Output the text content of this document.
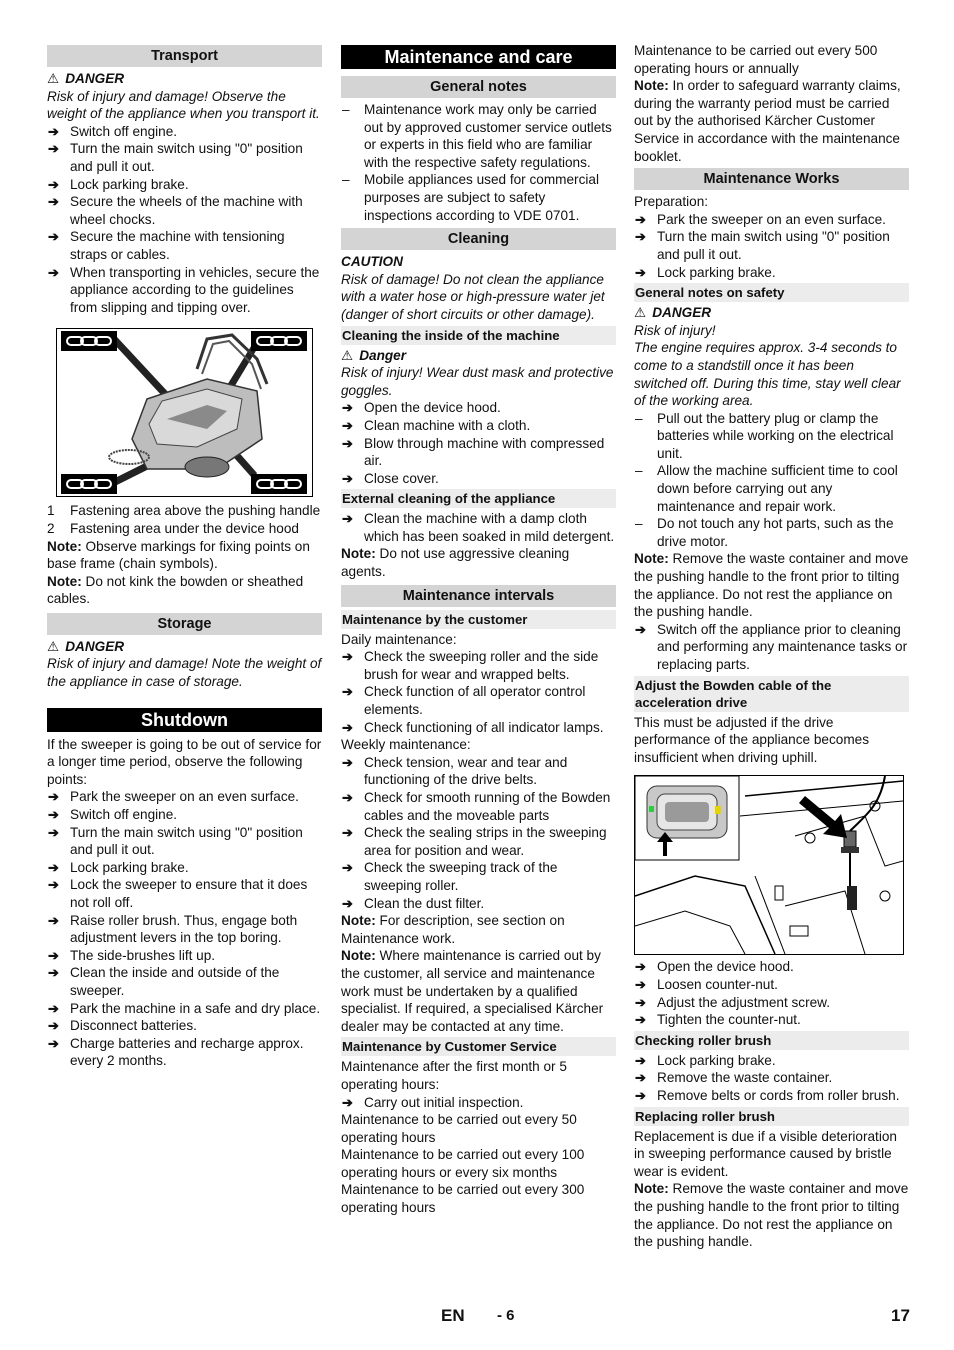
Transport

⚠ DANGER

Risk of injury and damage! Observe the weight of the appliance when you transport it.

➔ Switch off engine.
➔ Turn the main switch using "0" position and pull it out.
➔ Lock parking brake.
➔ Secure the wheels of the machine with wheel chocks.
➔ Secure the machine with tensioning straps or cables.
➔ When transporting in vehicles, secure the appliance according to the guidelines from slipping and tipping over.
1 Fastening area above the pushing handle
2 Fastening area under the device hood

Note: Observe markings for fixing points on base frame (chain symbols).

Note: Do not kink the bowden or sheathed cables.

Storage

⚠ DANGER

Risk of injury and damage! Note the weight of the appliance in case of storage.

Shutdown

If the sweeper is going to be out of service for a longer time period, observe the following points:

➔ Park the sweeper on an even surface.
➔ Switch off engine.
➔ Turn the main switch using "0" position and pull it out.
➔ Lock parking brake.
➔ Lock the sweeper to ensure that it does not roll off.
➔ Raise roller brush. Thus, engage both adjustment levers in the top boring.
➔ The side-brushes lift up.
➔ Clean the inside and outside of the sweeper.
➔ Park the machine in a safe and dry place.
➔ Disconnect batteries.
➔ Charge batteries and recharge approx. every 2 months.
Maintenance and care
General notes
– Maintenance work may only be carried out by approved customer service outlets or experts in this field who are familiar with the respective safety regulations.
– Mobile appliances used for commercial purposes are subject to safety inspections according to VDE 0701.
Cleaning

CAUTION

Risk of damage! Do not clean the appliance with a water hose or high-pressure water jet (danger of short circuits or other damage).

Cleaning the inside of the machine

⚠ Danger

Risk of injury! Wear dust mask and protective goggles.

➔ Open the device hood.
➔ Clean machine with a cloth.
➔ Blow through machine with compressed air.
➔ Close cover.
External cleaning of the appliance
➔ Clean the machine with a damp cloth which has been soaked in mild detergent.

Note: Do not use aggressive cleaning agents.

Maintenance intervals
Maintenance by the customer

Daily maintenance:

➔ Check the sweeping roller and the side brush for wear and wrapped belts.
➔ Check function of all operator control elements.
➔ Check functioning of all indicator lamps.

Weekly maintenance:

➔ Check tension, wear and tear and functioning of the drive belts.
➔ Check for smooth running of the Bowden cables and the moveable parts
➔ Check the sealing strips in the sweeping area for position and wear.
➔ Check the sweeping track of the sweeping roller.
➔ Clean the dust filter.

Note: For description, see section on Maintenance work.

Note: Where maintenance is carried out by the customer, all service and maintenance work must be undertaken by a qualified specialist. If required, a specialised Kärcher dealer may be contacted at any time.

Maintenance by Customer Service

Maintenance after the first month or 5 operating hours:

➔ Carry out initial inspection.

Maintenance to be carried out every 50 operating hours

Maintenance to be carried out every 100 operating hours or every six months

Maintenance to be carried out every 300 operating hours

Maintenance to be carried out every 500 operating hours or annually

Note: In order to safeguard warranty claims, during the warranty period must be carried out by the authorised Kärcher Customer Service in accordance with the maintenance booklet.

Maintenance Works

Preparation:

➔ Park the sweeper on an even surface.
➔ Turn the main switch using "0" position and pull it out.
➔ Lock parking brake.
General notes on safety

⚠ DANGER

Risk of injury!

The engine requires approx. 3-4 seconds to come to a standstill once it has been switched off. During this time, stay well clear of the working area.

– Pull out the battery plug or clamp the batteries while working on the electrical unit.
– Allow the machine sufficient time to cool down before carrying out any maintenance and repair work.
– Do not touch any hot parts, such as the drive motor.

Note: Remove the waste container and move the pushing handle to the front prior to tilting the appliance. Do not rest the appliance on the pushing handle.

➔ Switch off the appliance prior to cleaning and performing any maintenance tasks or replacing parts.
Adjust the Bowden cable of the acceleration drive

This must be adjusted if the drive performance of the appliance becomes insufficient when driving uphill.

➔ Open the device hood.
➔ Loosen counter-nut.
➔ Adjust the adjustment screw.
➔ Tighten the counter-nut.
Checking roller brush
➔ Lock parking brake.
➔ Remove the waste container.
➔ Remove belts or cords from roller brush.
Replacing roller brush

Replacement is due if a visible deterioration in sweeping performance caused by bristle wear is evident.

Note: Remove the waste container and move the pushing handle to the front prior to tilting the appliance. Do not rest the appliance on the pushing handle.

EN - 6	17
